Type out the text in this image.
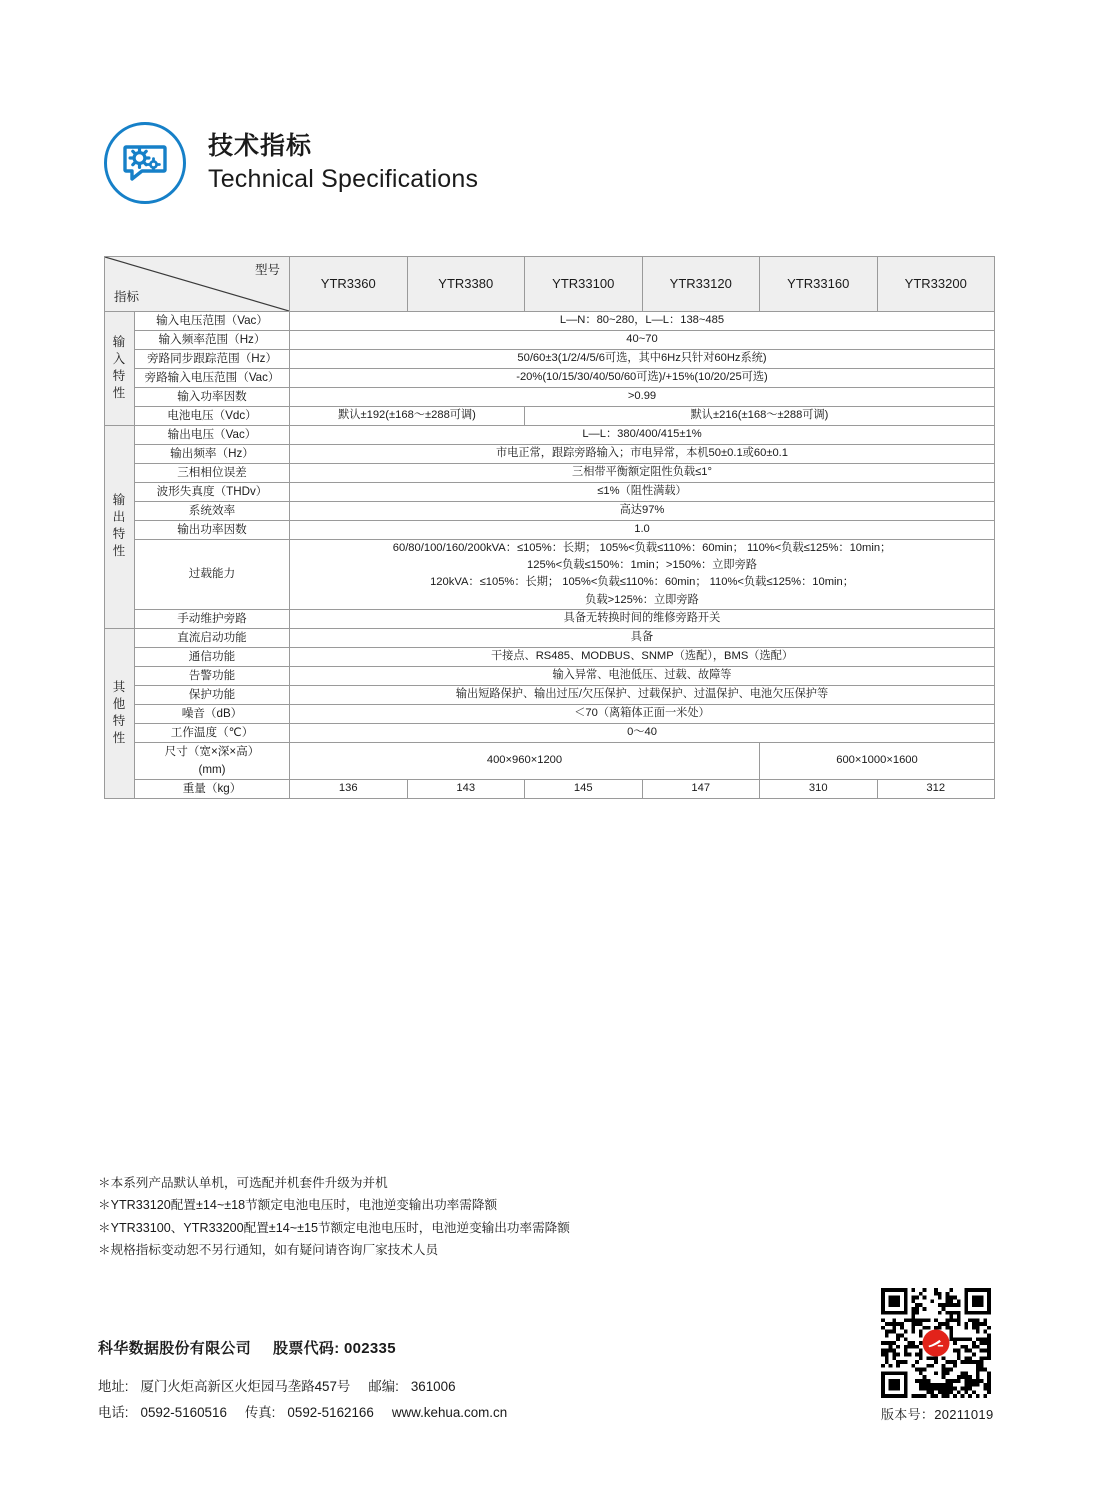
技术指标
Technical Specifications
型号
指标		YTR3360	YTR3380	YTR33100	YTR33120	YTR33160	YTR33200
输入特性	输入电压范围（Vac）	L—N：80~280，L—L：138~485					
	输入频率范围（Hz）	40~70					
	旁路同步跟踪范围（Hz）	50/60±3(1/2/4/5/6可选，其中6Hz只针对60Hz系统)					
	旁路输入电压范围（Vac）	-20%(10/15/30/40/50/60可选)/+15%(10/20/25可选)					
	输入功率因数	>0.99					
	电池电压（Vdc）	默认±192(±168～±288可调)		默认±216(±168～±288可调)			
输出特性	输出电压（Vac）	L—L：380/400/415±1%					
	输出频率（Hz）	市电正常，跟踪旁路输入；市电异常，本机50±0.1或60±0.1					
	三相相位误差	三相带平衡额定阻性负载≤1°					
	波形失真度（THDv）	≤1%（阻性满载）					
	系统效率	高达97%					
	输出功率因数	1.0					
	过载能力	60/80/100/160/200kVA：≤105%：长期； 105%<负载≤110%：60min； 110%<负载≤125%：10min；
125%<负载≤150%：1min；>150%：立即旁路
120kVA：≤105%：长期； 105%<负载≤110%：60min； 110%<负载≤125%：10min；
负载>125%：立即旁路					
	手动维护旁路	具备无转换时间的维修旁路开关					
其他特性	直流启动功能	具备					
	通信功能	干接点、RS485、MODBUS、SNMP（选配），BMS（选配）					
	告警功能	输入异常、电池低压、过载、故障等					
	保护功能	输出短路保护、输出过压/欠压保护、过载保护、过温保护、电池欠压保护等					
	噪音（dB）	＜70（离箱体正面一米处）					
	工作温度（℃）	0～40					
	尺寸（宽×深×高）
(mm)	400×960×1200				600×1000×1600	
	重量（kg）	136	143	145	147	310	312
＊本系列产品默认单机，可选配并机套件升级为并机
＊YTR33120配置±14~±18节额定电池电压时，电池逆变输出功率需降额
＊YTR33100、YTR33200配置±14~±15节额定电池电压时，电池逆变输出功率需降额
＊规格指标变动恕不另行通知，如有疑问请咨询厂家技术人员
科华数据股份有限公司 股票代码: 002335
地址: 厦门火炬高新区火炬园马垄路457号 邮编: 361006
电话: 0592-5160516 传真: 0592-5162166 www.kehua.com.cn	版本号：20211019
